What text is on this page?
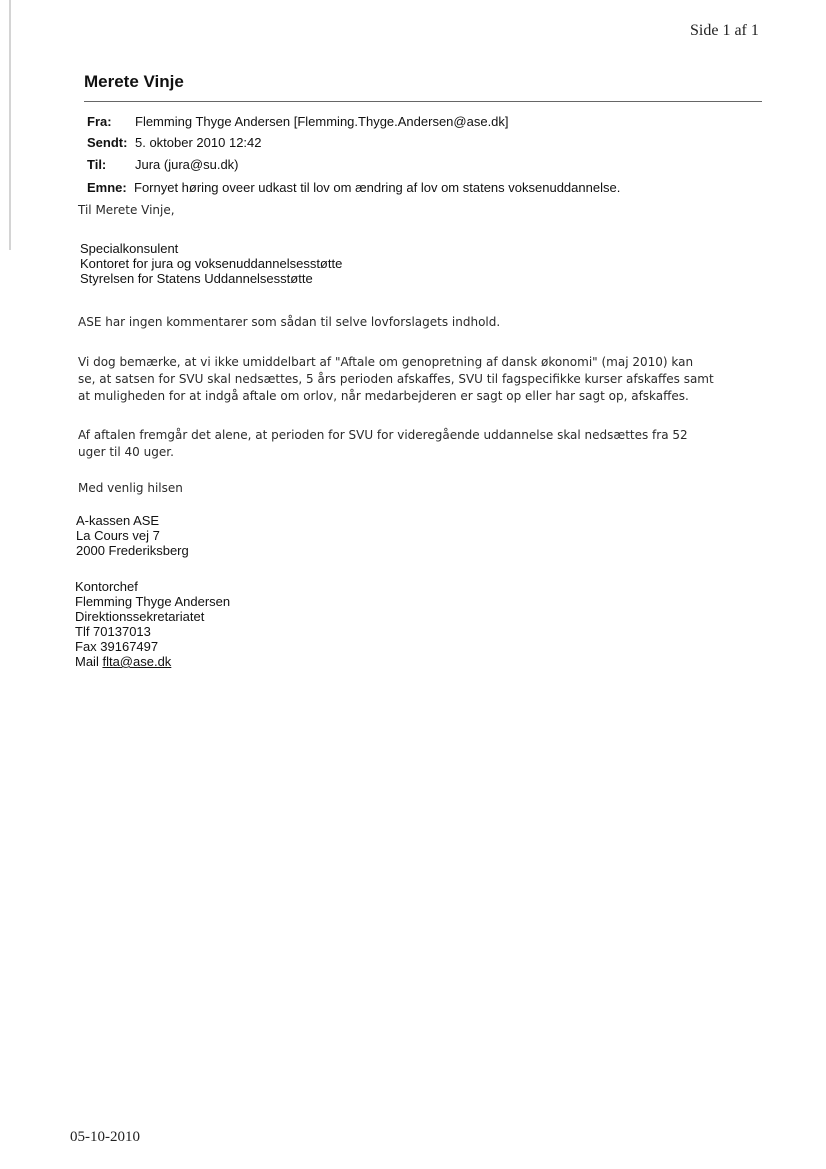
Side 1 af 1
Merete Vinje
Fra: Flemming Thyge Andersen [Flemming.Thyge.Andersen@ase.dk]
Sendt: 5. oktober 2010 12:42
Til: Jura (jura@su.dk)
Emne: Fornyet høring oveer udkast til lov om ændring af lov om statens voksenuddannelse.
Til Merete Vinje,
Specialkonsulent
Kontoret for jura og voksenuddannelsesstøtte
Styrelsen for Statens Uddannelsesstøtte
ASE har ingen kommentarer som sådan til selve lovforslagets indhold.
Vi dog bemærke, at vi ikke umiddelbart af "Aftale om genopretning af dansk økonomi" (maj 2010) kan
se, at satsen for SVU skal nedsættes, 5 års perioden afskaffes, SVU til fagspecifikke kurser afskaffes samt
at muligheden for at indgå aftale om orlov, når medarbejderen er sagt op eller har sagt op, afskaffes.
Af aftalen fremgår det alene, at perioden for SVU for videregående uddannelse skal nedsættes fra 52
uger til 40 uger.
Med venlig hilsen
A-kassen ASE
La Cours vej 7
2000 Frederiksberg
Kontorchef
Flemming Thyge Andersen
Direktionssekretariatet
Tlf 70137013
Fax 39167497
Mail flta@ase.dk
05-10-2010
